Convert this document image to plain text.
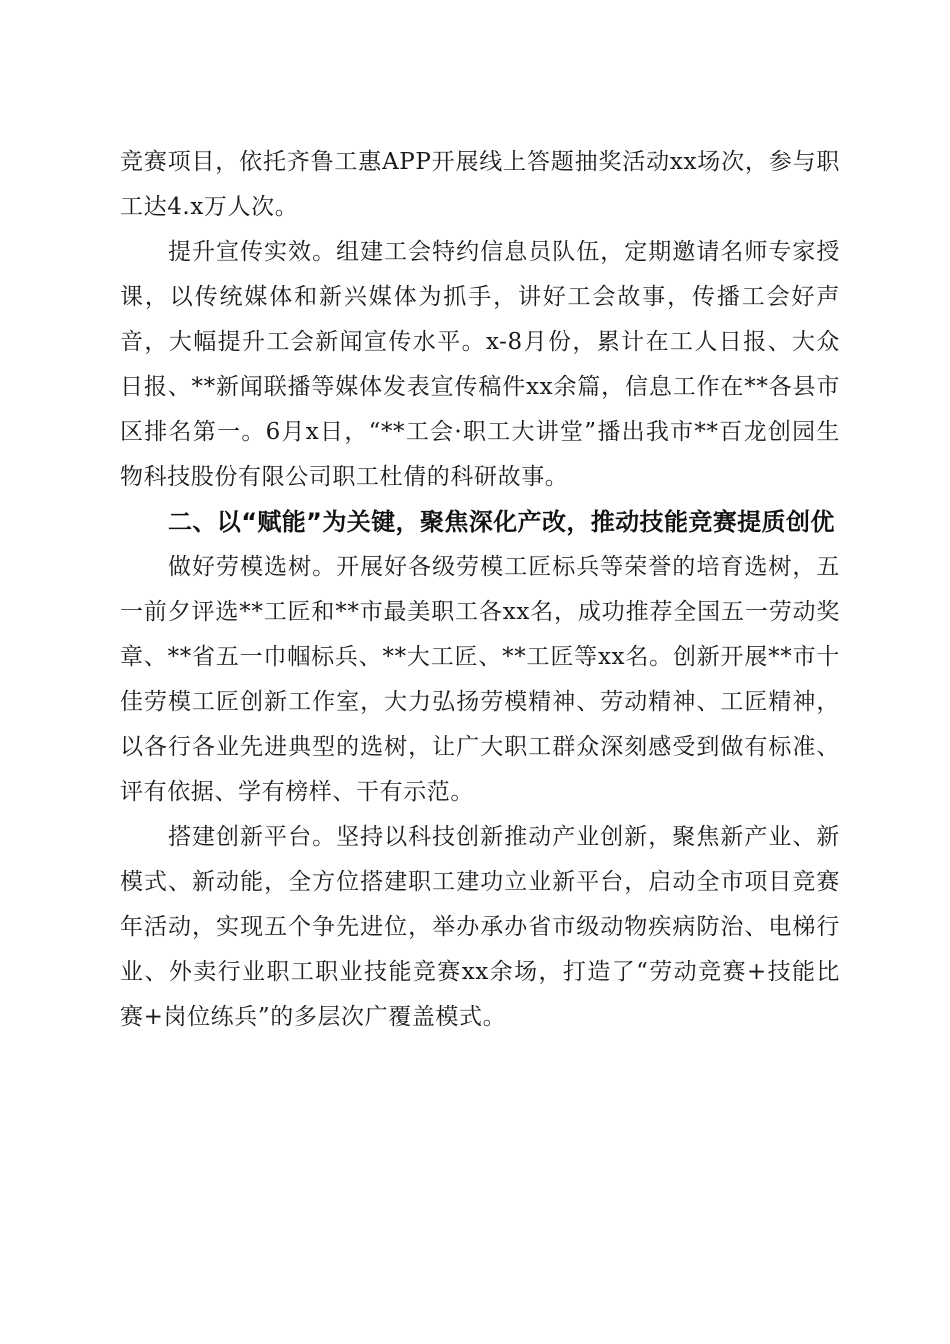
竞赛项目，依托齐鲁工惠APP开展线上答题抽奖活动xx场次，参与职工达4.x万人次。

提升宣传实效。组建工会特约信息员队伍，定期邀请名师专家授课，以传统媒体和新兴媒体为抓手，讲好工会故事，传播工会好声音，大幅提升工会新闻宣传水平。x-8月份，累计在工人日报、大众日报、**新闻联播等媒体发表宣传稿件xx余篇，信息工作在**各县市区排名第一。6月x日，“**工会·职工大讲堂”播出我市**百龙创园生物科技股份有限公司职工杜倩的科研故事。

二、以“赋能”为关键，聚焦深化产改，推动技能竞赛提质创优

做好劳模选树。开展好各级劳模工匠标兵等荣誉的培育选树，五一前夕评选**工匠和**市最美职工各xx名，成功推荐全国五一劳动奖章、**省五一巾帼标兵、**大工匠、**工匠等xx名。创新开展**市十佳劳模工匠创新工作室，大力弘扬劳模精神、劳动精神、工匠精神，以各行各业先进典型的选树，让广大职工群众深刻感受到做有标准、评有依据、学有榜样、干有示范。

搭建创新平台。坚持以科技创新推动产业创新，聚焦新产业、新模式、新动能，全方位搭建职工建功立业新平台，启动全市项目竞赛年活动，实现五个争先进位，举办承办省市级动物疾病防治、电梯行业、外卖行业职工职业技能竞赛xx余场，打造了“劳动竞赛+技能比赛+岗位练兵”的多层次广覆盖模式。
